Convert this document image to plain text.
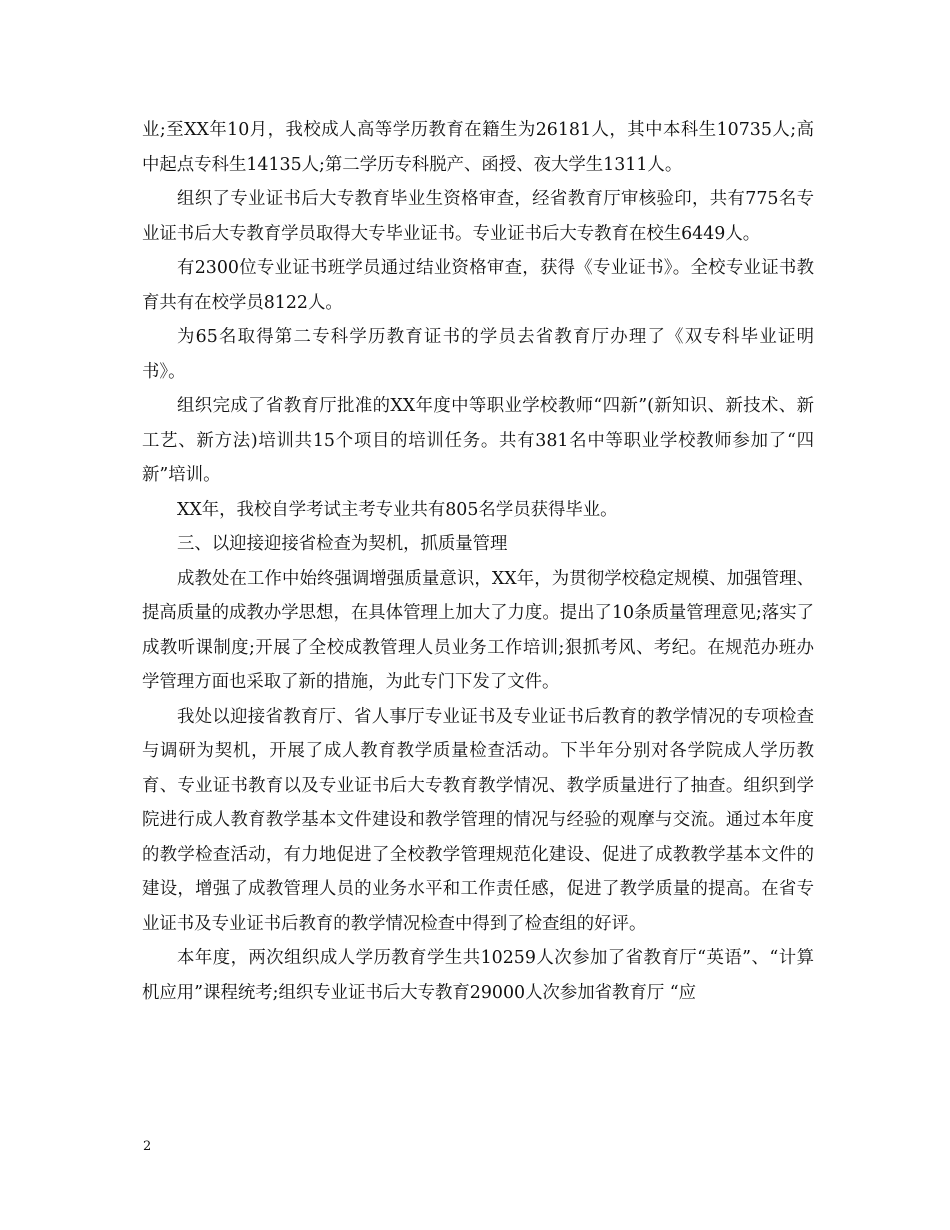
业;至XX年10月，我校成人高等学历教育在籍生为26181人，其中本科生10735人;高中起点专科生14135人;第二学历专科脱产、函授、夜大学生1311人。

组织了专业证书后大专教育毕业生资格审查，经省教育厅审核验印，共有775名专业证书后大专教育学员取得大专毕业证书。专业证书后大专教育在校生6449人。

有2300位专业证书班学员通过结业资格审查，获得《专业证书》。全校专业证书教育共有在校学员8122人。

为65名取得第二专科学历教育证书的学员去省教育厅办理了《双专科毕业证明书》。

组织完成了省教育厅批准的XX年度中等职业学校教师“四新”(新知识、新技术、新工艺、新方法)培训共15个项目的培训任务。共有381名中等职业学校教师参加了“四新”培训。

XX年，我校自学考试主考专业共有805名学员获得毕业。

三、以迎接迎接省检查为契机，抓质量管理

成教处在工作中始终强调增强质量意识，XX年，为贯彻学校稳定规模、加强管理、提高质量的成教办学思想，在具体管理上加大了力度。提出了10条质量管理意见;落实了成教听课制度;开展了全校成教管理人员业务工作培训;狠抓考风、考纪。在规范办班办学管理方面也采取了新的措施，为此专门下发了文件。

我处以迎接省教育厅、省人事厅专业证书及专业证书后教育的教学情况的专项检查与调研为契机，开展了成人教育教学质量检查活动。下半年分别对各学院成人学历教育、专业证书教育以及专业证书后大专教育教学情况、教学质量进行了抽查。组织到学院进行成人教育教学基本文件建设和教学管理的情况与经验的观摩与交流。通过本年度的教学检查活动，有力地促进了全校教学管理规范化建设、促进了成教教学基本文件的建设，增强了成教管理人员的业务水平和工作责任感，促进了教学质量的提高。在省专业证书及专业证书后教育的教学情况检查中得到了检查组的好评。

本年度，两次组织成人学历教育学生共10259人次参加了省教育厅“英语”、“计算机应用”课程统考;组织专业证书后大专教育29000人次参加省教育厅 “应

2
